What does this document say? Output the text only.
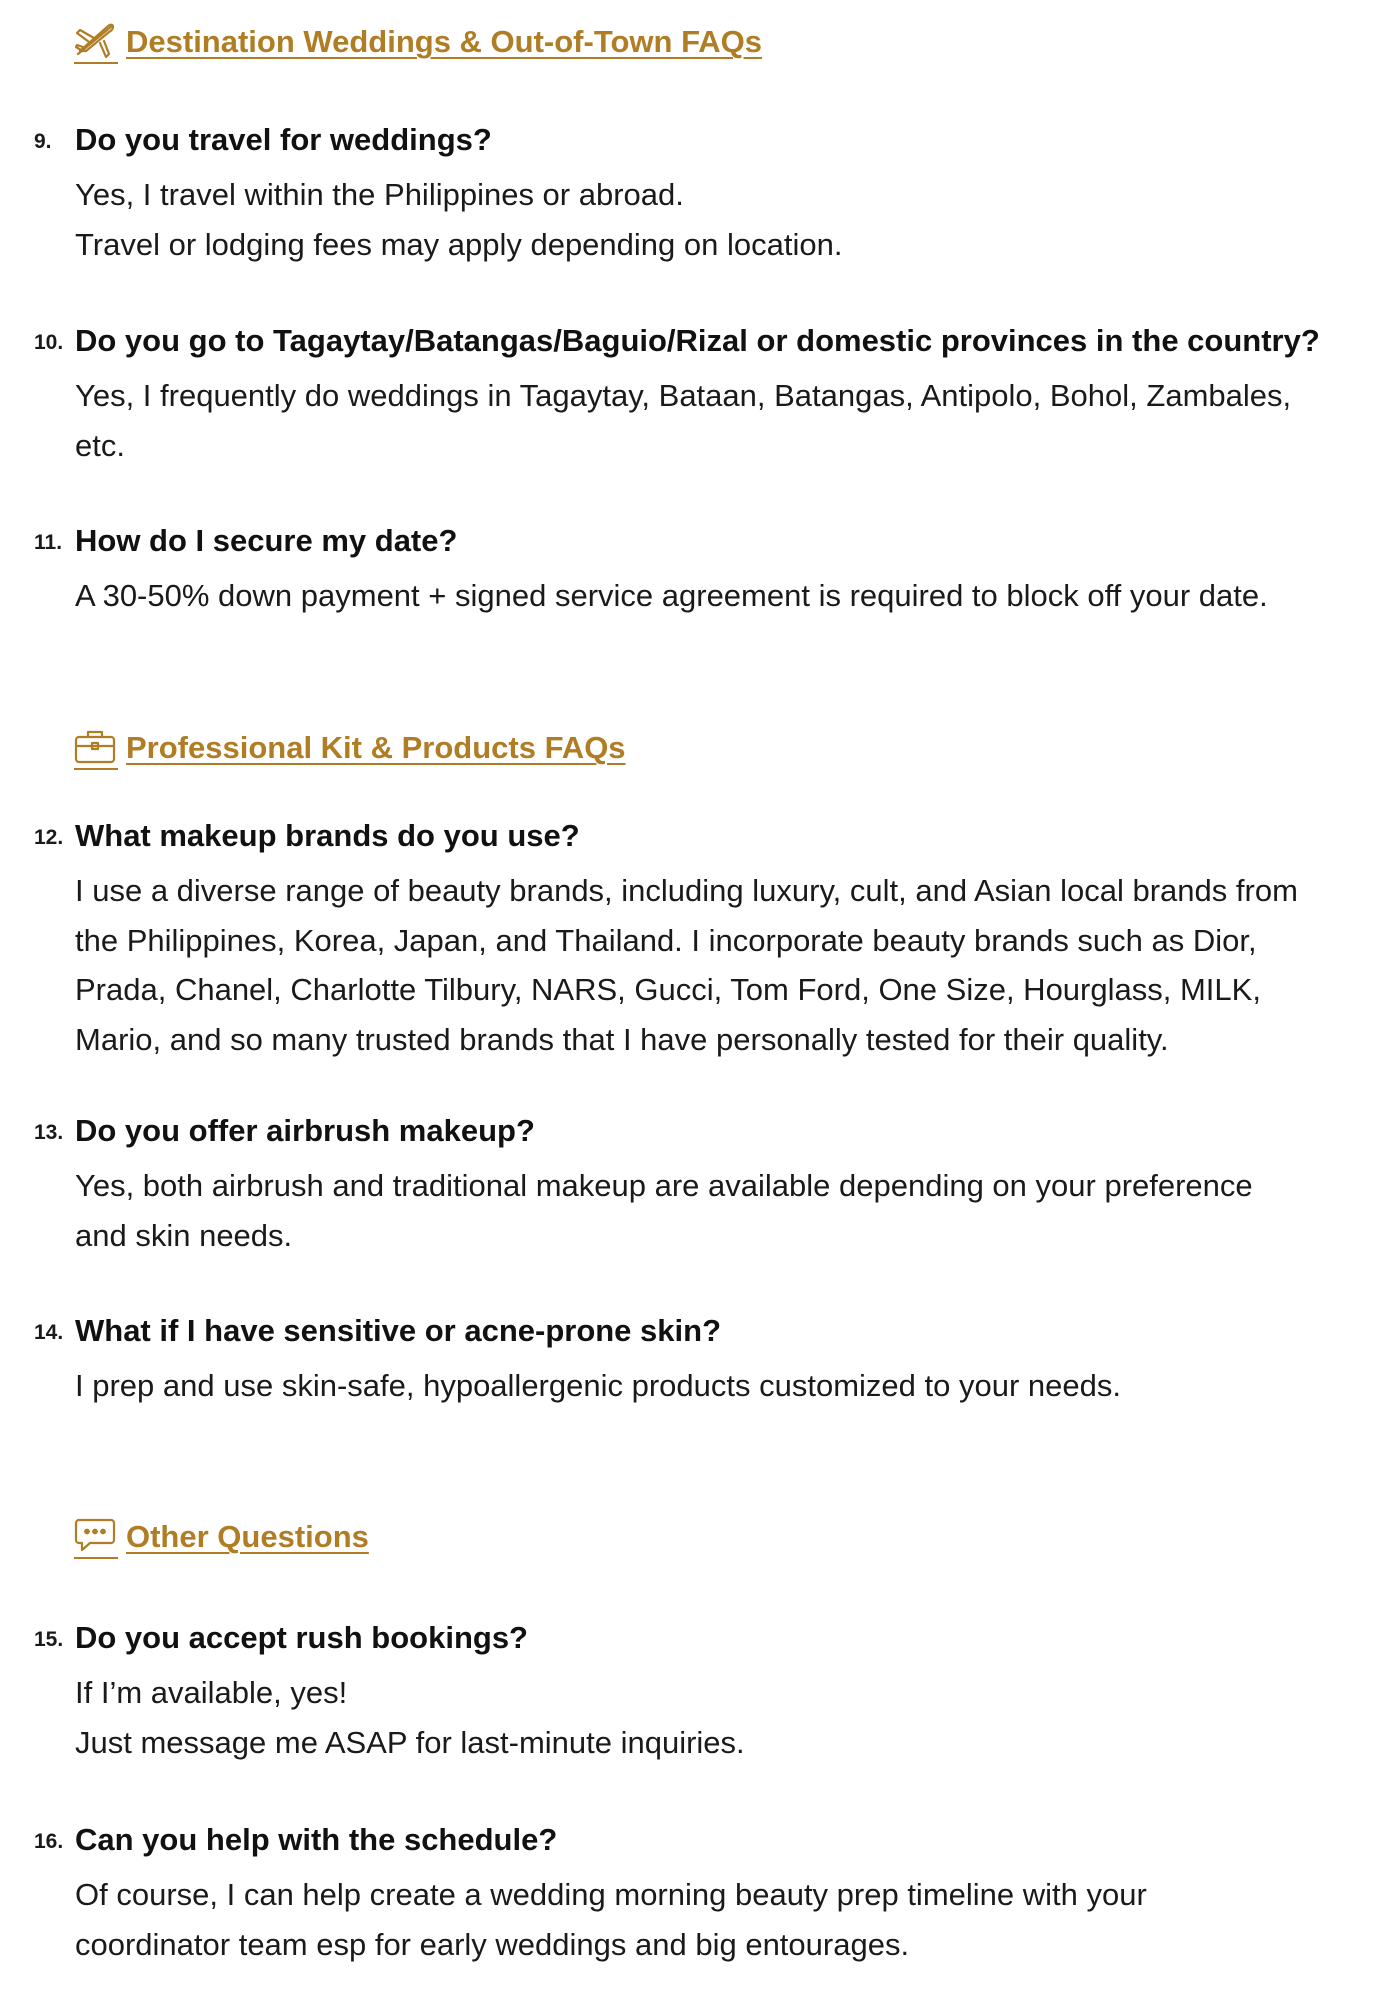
Destination Weddings & Out-of-Town FAQs
9. Do you travel for weddings?

Yes, I travel within the Philippines or abroad.

Travel or lodging fees may apply depending on location.

10. Do you go to Tagaytay/Batangas/Baguio/Rizal or domestic provinces in the country?

Yes, I frequently do weddings in Tagaytay, Bataan, Batangas, Antipolo, Bohol, Zambales,

etc.

11. How do I secure my date?

A 30-50% down payment + signed service agreement is required to block off your date.

Professional Kit & Products FAQs
12. What makeup brands do you use?

I use a diverse range of beauty brands, including luxury, cult, and Asian local brands from

the Philippines, Korea, Japan, and Thailand. I incorporate beauty brands such as Dior,

Prada, Chanel, Charlotte Tilbury, NARS, Gucci, Tom Ford, One Size, Hourglass, MILK,

Mario, and so many trusted brands that I have personally tested for their quality.

13. Do you offer airbrush makeup?

Yes, both airbrush and traditional makeup are available depending on your preference

and skin needs.

14. What if I have sensitive or acne-prone skin?

I prep and use skin-safe, hypoallergenic products customized to your needs.

Other Questions
15. Do you accept rush bookings?

If I’m available, yes!

Just message me ASAP for last-minute inquiries.

16. Can you help with the schedule?

Of course, I can help create a wedding morning beauty prep timeline with your

coordinator team esp for early weddings and big entourages.
